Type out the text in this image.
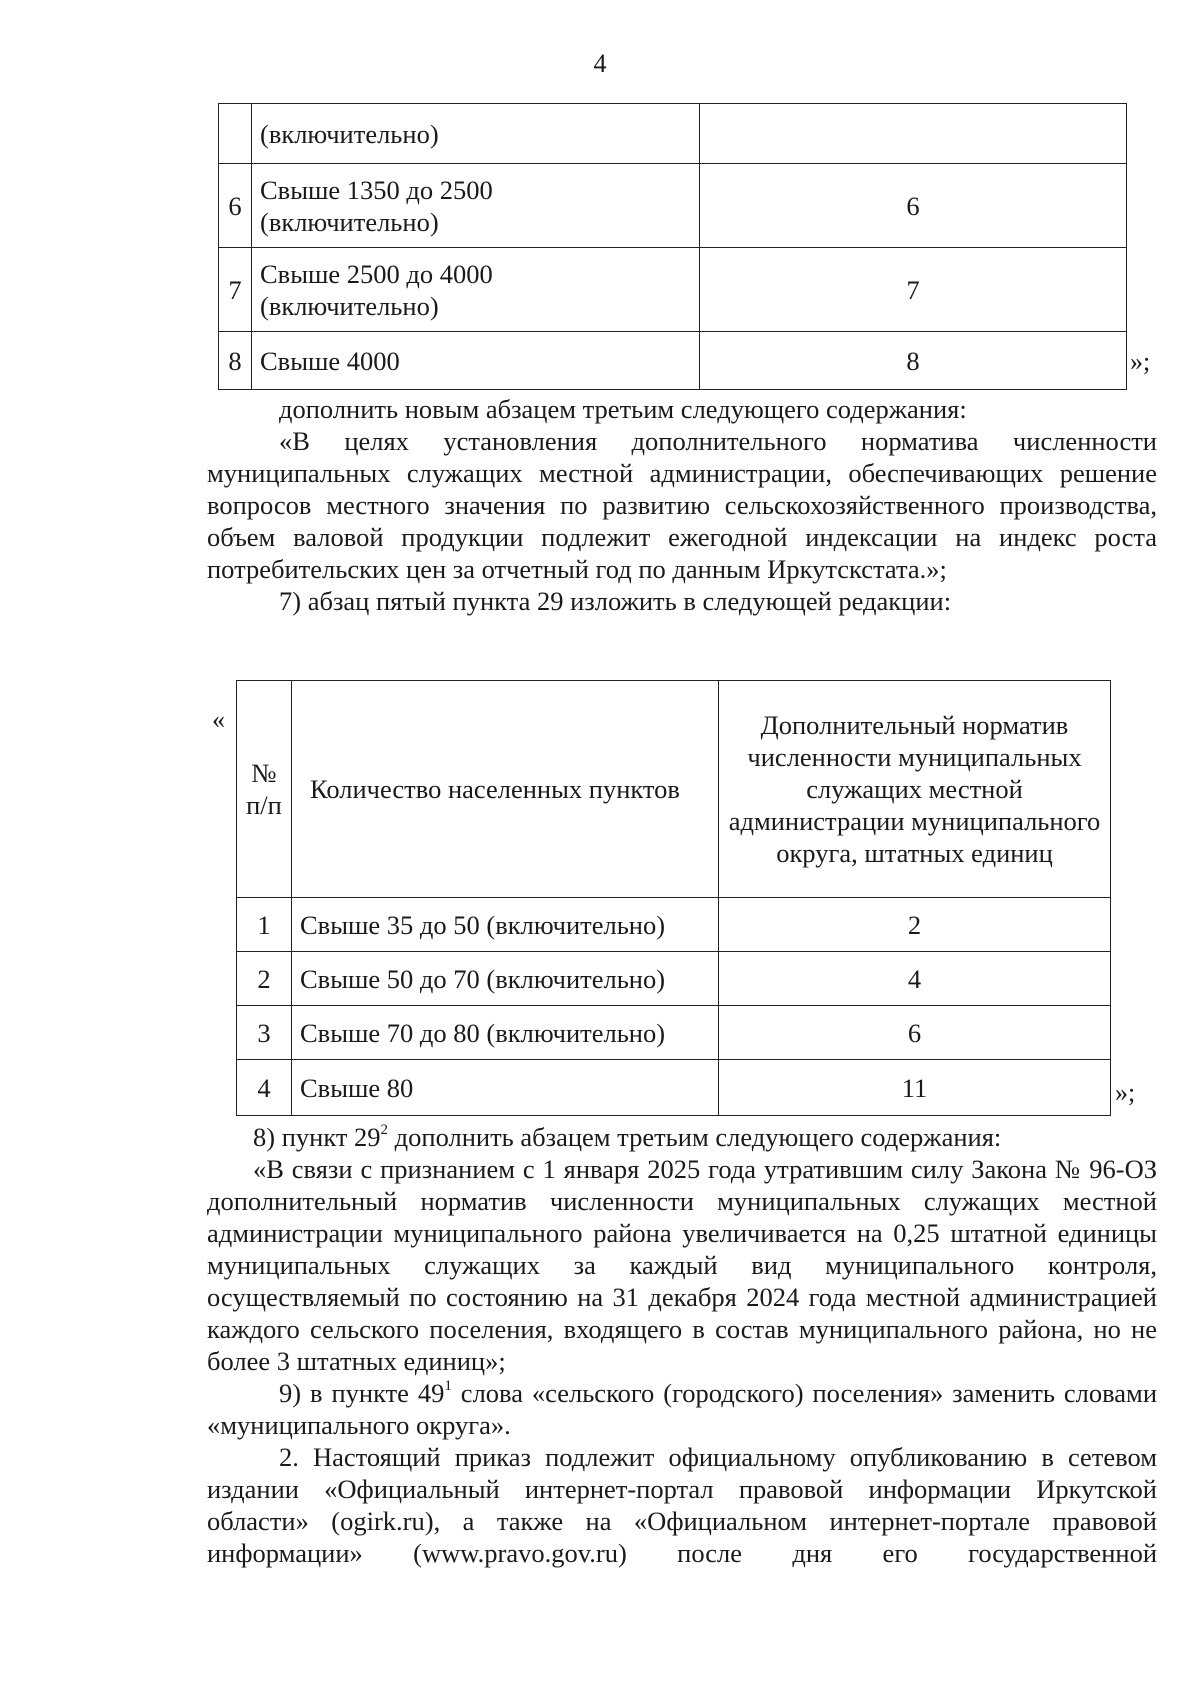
4
	(включительно)	
6	Свыше 1350 до 2500 (включительно)	6
7	Свыше 2500 до 4000 (включительно)	7
8	Свыше 4000	8	»;

дополнить новым абзацем третьим следующего содержания:

«В целях установления дополнительного норматива численности муниципальных служащих местной администрации, обеспечивающих решение вопросов местного значения по развитию сельскохозяйственного производства, объем валовой продукции подлежит ежегодной индексации на индекс роста потребительских цен за отчетный год по данным Иркутскстата.»;

7) абзац пятый пункта 29 изложить в следующей редакции:

«
№ п/п	Количество населенных пунктов	Дополнительный норматив численности муниципальных служащих местной администрации муниципального округа, штатных единиц
1	Свыше 35 до 50 (включительно)	2
2	Свыше 50 до 70 (включительно)	4
3	Свыше 70 до 80 (включительно)	6
4	Свыше 80	11	»;

8) пункт $29^2$ дополнить абзацем третьим следующего содержания:

«В связи с признанием с 1 января 2025 года утратившим силу Закона № 96-ОЗ дополнительный норматив численности муниципальных служащих местной администрации муниципального района увеличивается на 0,25 штатной единицы муниципальных служащих за каждый вид муниципального контроля, осуществляемый по состоянию на 31 декабря 2024 года местной администрацией каждого сельского поселения, входящего в состав муниципального района, но не более 3 штатных единиц»;

9) в пункте $49^1$ слова «сельского (городского) поселения» заменить словами «муниципального округа».

2. Настоящий приказ подлежит официальному опубликованию в сетевом издании «Официальный интернет-портал правовой информации Иркутской области» (ogirk.ru), а также на «Официальном интернет-портале правовой информации» (www.pravo.gov.ru) после дня его государственной
